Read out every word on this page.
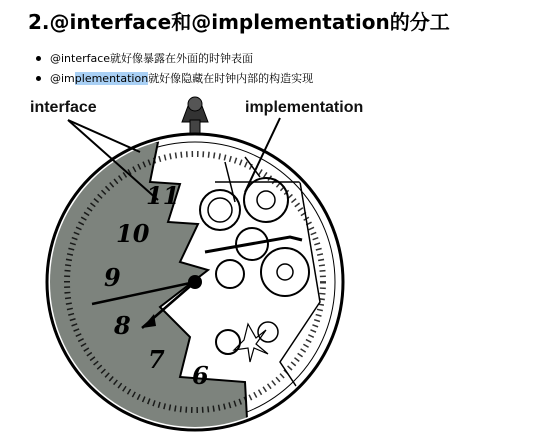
2.@interface和@implementation的分工
@interface就好像暴露在外面的时钟表面
@implementation就好像隐藏在时钟内部的构造实现
11
10
9
8
7
6
interface	implementation
